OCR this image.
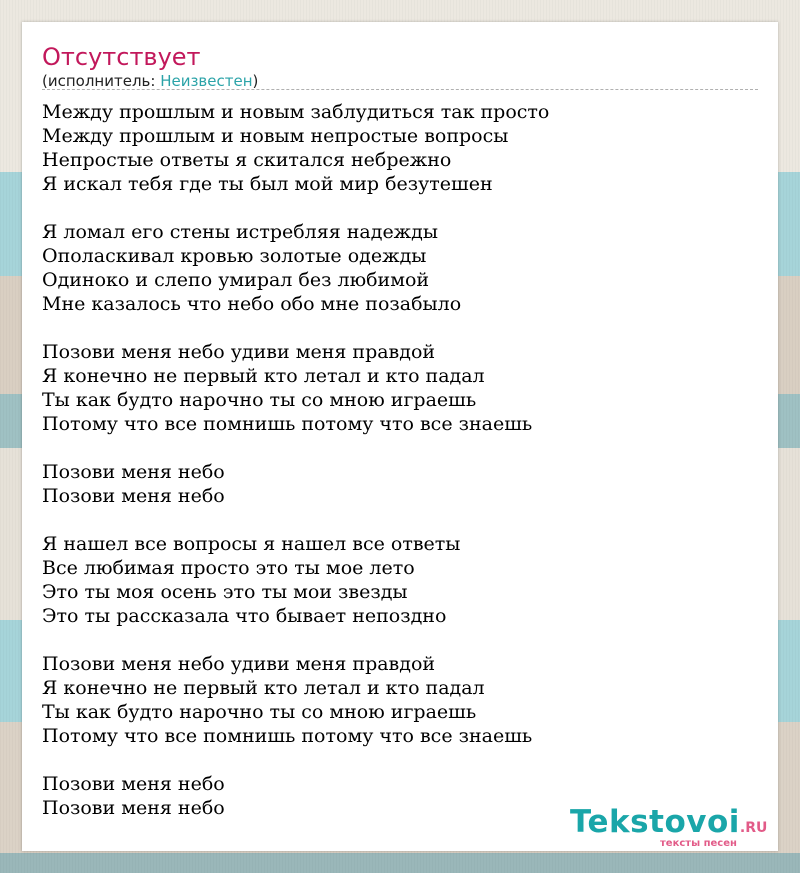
Отсутствует
(исполнитель: Неизвестен)

Между прошлым и новым заблудиться так просто
Между прошлым и новым непростые вопросы
Непростые ответы я скитался небрежно
Я искал тебя где ты был мой мир безутешен

Я ломал его стены истребляя надежды
Ополаскивал кровью золотые одежды
Одиноко и слепо умирал без любимой
Мне казалось что небо обо мне позабыло

Позови меня небо удиви меня правдой
Я конечно не первый кто летал и кто падал
Ты как будто нарочно ты со мною играешь
Потому что все помнишь потому что все знаешь

Позови меня небо
Позови меня небо

Я нашел все вопросы я нашел все ответы
Все любимая просто это ты мое лето
Это ты моя осень это ты мои звезды
Это ты рассказала что бывает непоздно

Позови меня небо удиви меня правдой
Я конечно не первый кто летал и кто падал
Ты как будто нарочно ты со мною играешь
Потому что все помнишь потому что все знаешь

Позови меня небо
Позови меня небо	Tekstovoi.RU
тексты песен
